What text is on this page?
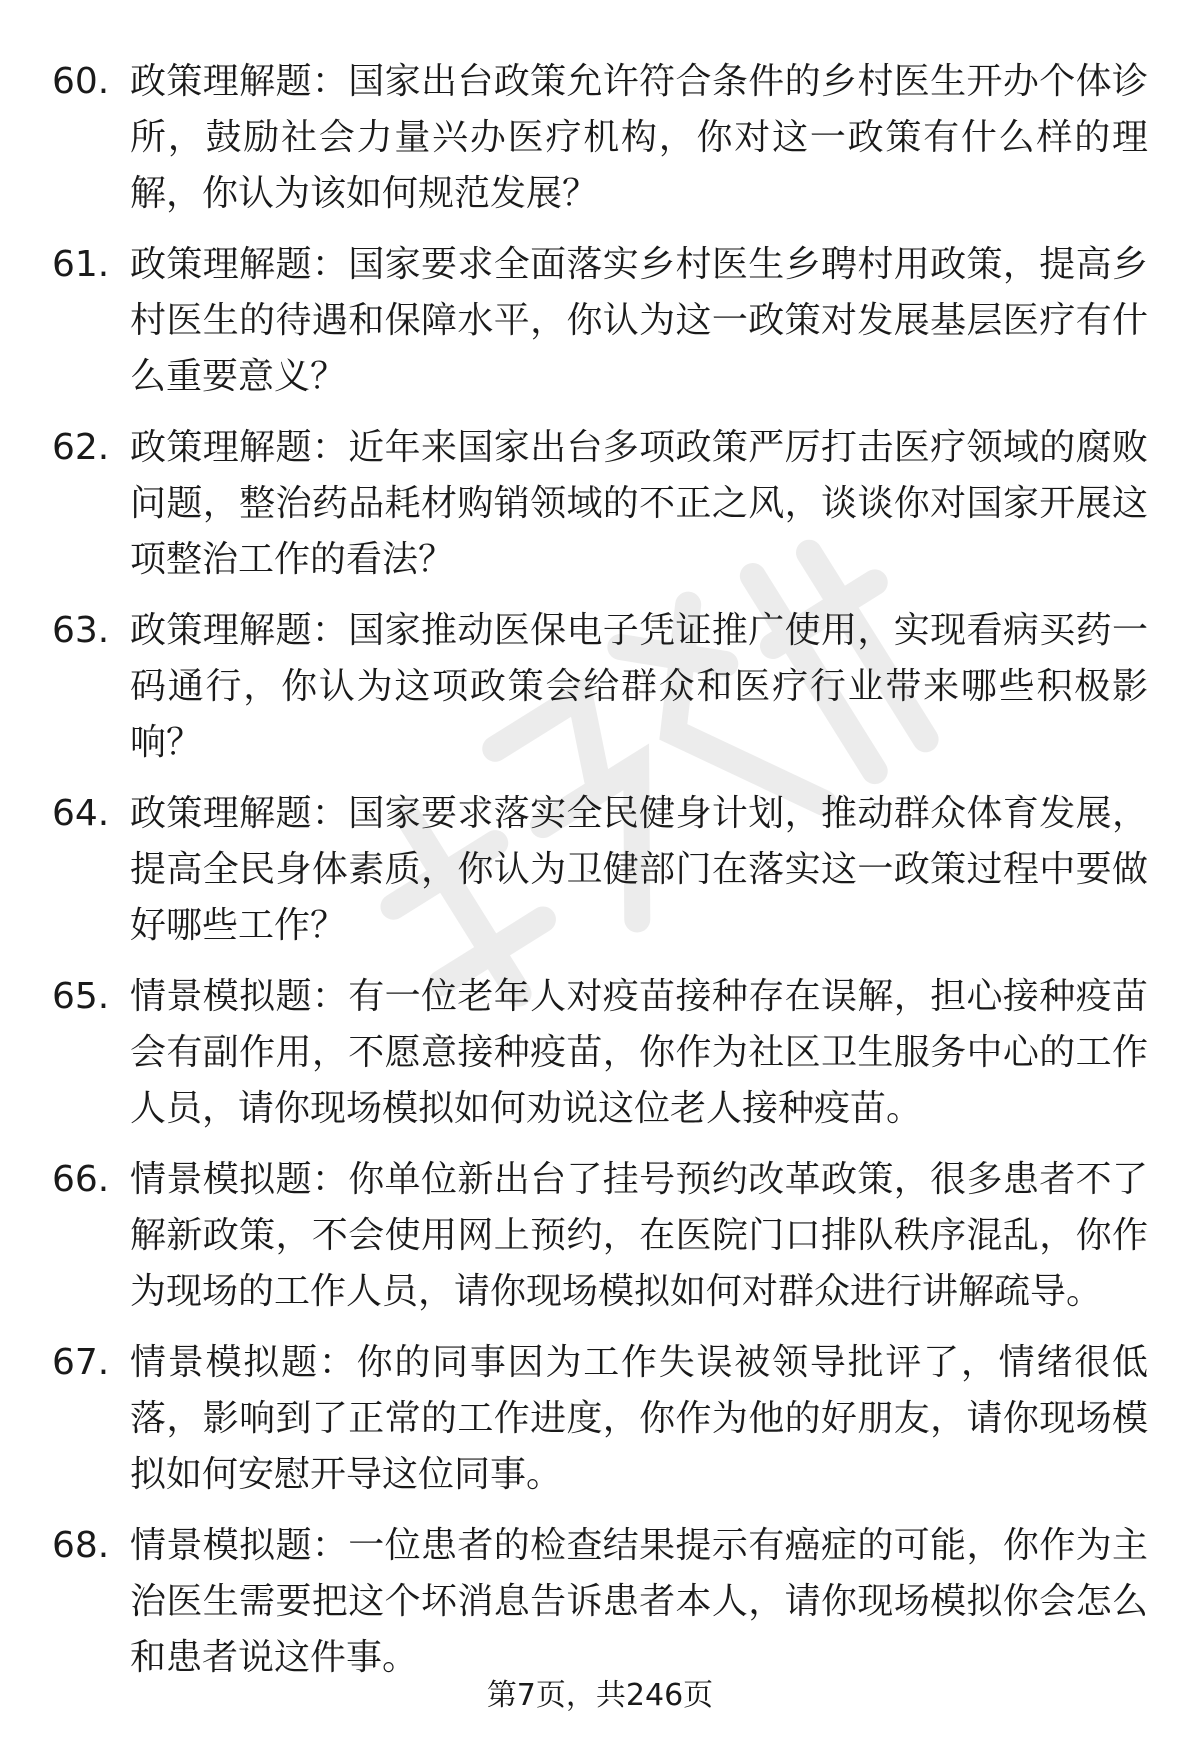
60. 政策理解题：国家出台政策允许符合条件的乡村医生开办个体诊所，鼓励社会力量兴办医疗机构，你对这一政策有什么样的理解，你认为该如何规范发展？
61. 政策理解题：国家要求全面落实乡村医生乡聘村用政策，提高乡村医生的待遇和保障水平，你认为这一政策对发展基层医疗有什么重要意义？
62. 政策理解题：近年来国家出台多项政策严厉打击医疗领域的腐败问题，整治药品耗材购销领域的不正之风，谈谈你对国家开展这项整治工作的看法？
63. 政策理解题：国家推动医保电子凭证推广使用，实现看病买药一码通行，你认为这项政策会给群众和医疗行业带来哪些积极影响？
64. 政策理解题：国家要求落实全民健身计划，推动群众体育发展，提高全民身体素质，你认为卫健部门在落实这一政策过程中要做好哪些工作？
65. 情景模拟题：有一位老年人对疫苗接种存在误解，担心接种疫苗会有副作用，不愿意接种疫苗，你作为社区卫生服务中心的工作人员，请你现场模拟如何劝说这位老人接种疫苗。
66. 情景模拟题：你单位新出台了挂号预约改革政策，很多患者不了解新政策，不会使用网上预约，在医院门口排队秩序混乱，你作为现场的工作人员，请你现场模拟如何对群众进行讲解疏导。
67. 情景模拟题：你的同事因为工作失误被领导批评了，情绪很低落，影响到了正常的工作进度，你作为他的好朋友，请你现场模拟如何安慰开导这位同事。
68. 情景模拟题：一位患者的检查结果提示有癌症的可能，你作为主治医生需要把这个坏消息告诉患者本人，请你现场模拟你会怎么和患者说这件事。
第7页，共246页
